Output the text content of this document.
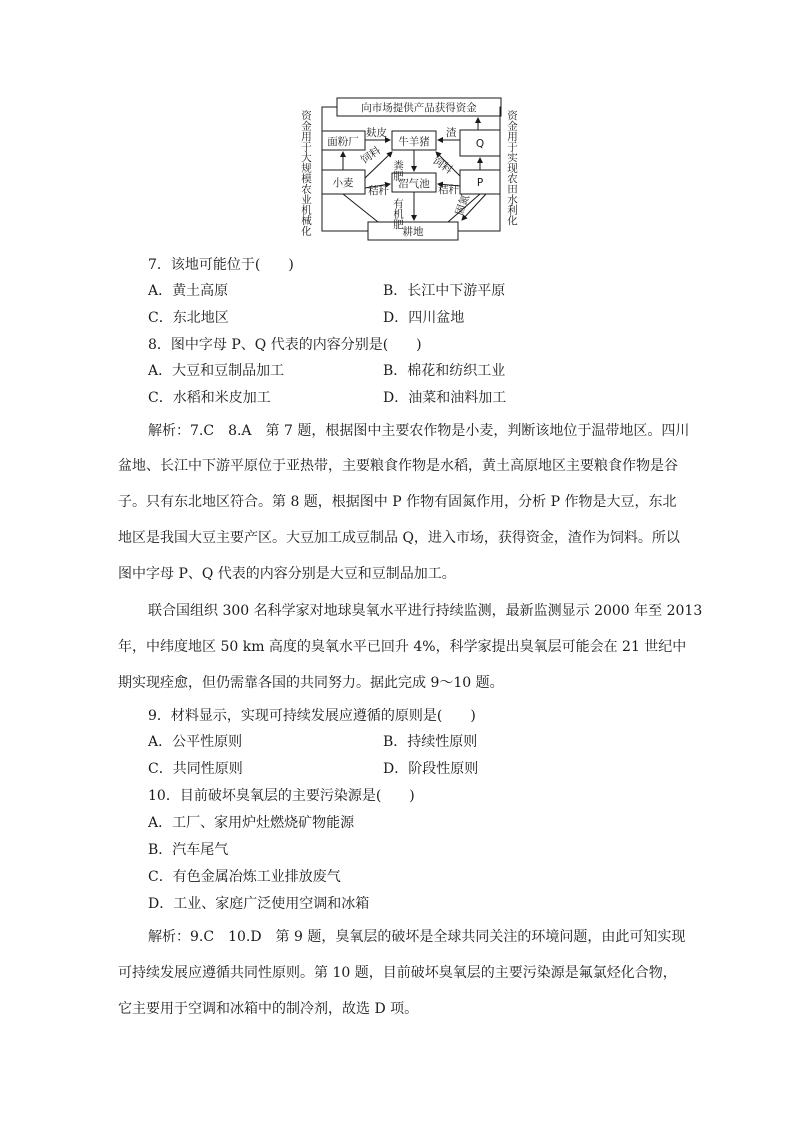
向市场提供产品获得资金
面粉厂	牛羊猪	Q
小麦	沼气池	P
耕地
麸皮	渣
饲料	饲料
秸秆	秸秆
固氮
粪肥
有机肥
资金用于大规模农业机械化	资金用于实现农田水利化
7．该地可能位于(　　)
A．黄土高原	B．长江中下游平原
C．东北地区	D．四川盆地
8．图中字母 P、Q 代表的内容分别是(　　)
A．大豆和豆制品加工	B．棉花和纺织工业
C．水稻和米皮加工	D．油菜和油料加工
解析：7.C　8.A　第 7 题，根据图中主要农作物是小麦，判断该地位于温带地区。四川
盆地、长江中下游平原位于亚热带，主要粮食作物是水稻，黄土高原地区主要粮食作物是谷
子。只有东北地区符合。第 8 题，根据图中 P 作物有固氮作用，分析 P 作物是大豆，东北
地区是我国大豆主要产区。大豆加工成豆制品 Q，进入市场，获得资金，渣作为饲料。所以
图中字母 P、Q 代表的内容分别是大豆和豆制品加工。
联合国组织 300 名科学家对地球臭氧水平进行持续监测，最新监测显示 2000 年至 2013
年，中纬度地区 50 km 高度的臭氧水平已回升 4%，科学家提出臭氧层可能会在 21 世纪中
期实现痊愈，但仍需靠各国的共同努力。据此完成 9～10 题。
9．材料显示，实现可持续发展应遵循的原则是(　　)
A．公平性原则	B．持续性原则
C．共同性原则	D．阶段性原则
10．目前破坏臭氧层的主要污染源是(　　)
A．工厂、家用炉灶燃烧矿物能源
B．汽车尾气
C．有色金属冶炼工业排放废气
D．工业、家庭广泛使用空调和冰箱
解析：9.C　10.D　第 9 题，臭氧层的破坏是全球共同关注的环境问题，由此可知实现
可持续发展应遵循共同性原则。第 10 题，目前破坏臭氧层的主要污染源是氟氯烃化合物，
它主要用于空调和冰箱中的制冷剂，故选 D 项。
